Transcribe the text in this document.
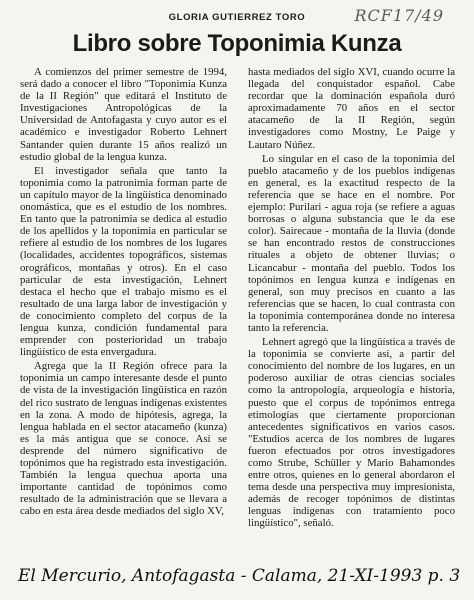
GLORIA GUTIERREZ TORO	RCF17/49
Libro sobre Toponimia Kunza

A comienzos del primer semestre de 1994, será dado a conocer el libro "Toponimia Kunza de la II Región" que editará el Instituto de Investigaciones Antropológicas de la Universidad de Antofagasta y cuyo autor es el académico e investigador Roberto Lehnert Santander quien durante 15 años realizó un estudio global de la lengua kunza.

El investigador señala que tanto la toponimia como la patronimia forman parte de un capítulo mayor de la lingüística denominado onomástica, que es el estudio de los nombres. En tanto que la patronimia se dedica al estudio de los apellidos y la toponimia en particular se refiere al estudio de los nombres de los lugares (localidades, accidentes topográficos, sistemas orográficos, montañas y otros). En el caso particular de esta investigación, Lehnert destaca el hecho que el trabajo mismo es el resultado de una larga labor de investigación y de conocimiento completo del corpus de la lengua kunza, condición fundamental para emprender con posterioridad un trabajo lingüístico de esta envergadura.

Agrega que la II Región ofrece para la toponimia un campo interesante desde el punto de vista de la investigación lingüística en razón del rico sustrato de lenguas indígenas existentes en la zona. A modo de hipótesis, agrega, la lengua hablada en el sector atacameño (kunza) es la más antigua que se conoce. Así se desprende del número significativo de topónimos que ha registrado esta investigación. También la lengua quechua aporta una importante cantidad de topónimos como resultado de la administración que se llevara a cabo en esta área desde mediados del siglo XV,

hasta mediados del siglo XVI, cuando ocurre la llegada del conquistador español. Cabe recordar que la dominación española duró aproximadamente 70 años en el sector atacameño de la II Región, según investigadores como Mostny, Le Paige y Lautaro Núñez.

Lo singular en el caso de la toponimia del pueblo atacameño y de los pueblos indígenas en general, es la exactitud respecto de la referencia que se hace en el nombre. Por ejemplo: Purilari - agua roja (se refiere a aguas borrosas o alguna substancia que le da ese color). Sairecaue - montaña de la lluvia (donde se han encontrado restos de construcciones rituales a objeto de obtener lluvias; o Licancabur - montaña del pueblo. Todos los topónimos en lengua kunza e indígenas en general, son muy precisos en cuanto a las referencias que se hacen, lo cual contrasta con la toponimia contemporánea donde no interesa tanto la referencia.

Lehnert agregó que la lingüística a través de la toponimia se convierte así, a partir del conocimiento del nombre de los lugares, en un poderoso auxiliar de otras ciencias sociales como la antropología, arqueología e historia, puesto que el corpus de topónimos entrega etimologías que ciertamente proporcionan antecedentes significativos en varios casos. "Estudios acerca de los nombres de lugares fueron efectuados por otros investigadores como Strube, Schüller y Mario Bahamondes entre otros, quienes en lo general abordaron el tema desde una perspectiva muy impresionista, además de recoger topónimos de distintas lenguas indígenas con tratamiento poco lingüístico", señaló.

El Mercurio, Antofagasta - Calama, 21-XI-1993 p. 3
